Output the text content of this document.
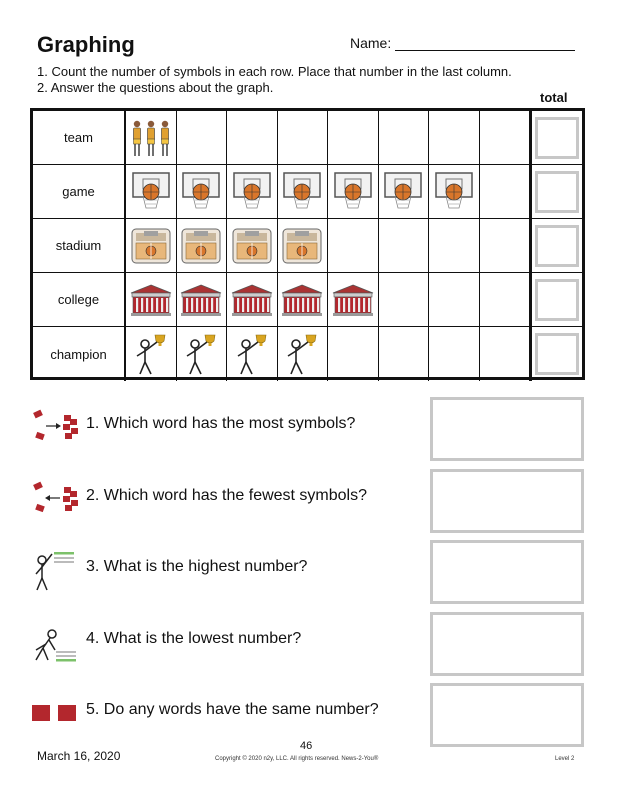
Graphing	Name:
1. Count the number of symbols in each row. Place that number in the last column.
2. Answer the questions about the graph.
total
team
game
stadium
college
champion
1. Which word has the most symbols?
2. Which word has the fewest symbols?
3. What is the highest number?
4. What is the lowest number?
5. Do any words have the same number?
March 16, 2020
46
Copyright © 2020 n2y, LLC. All rights reserved. News-2-You®	Level 2
